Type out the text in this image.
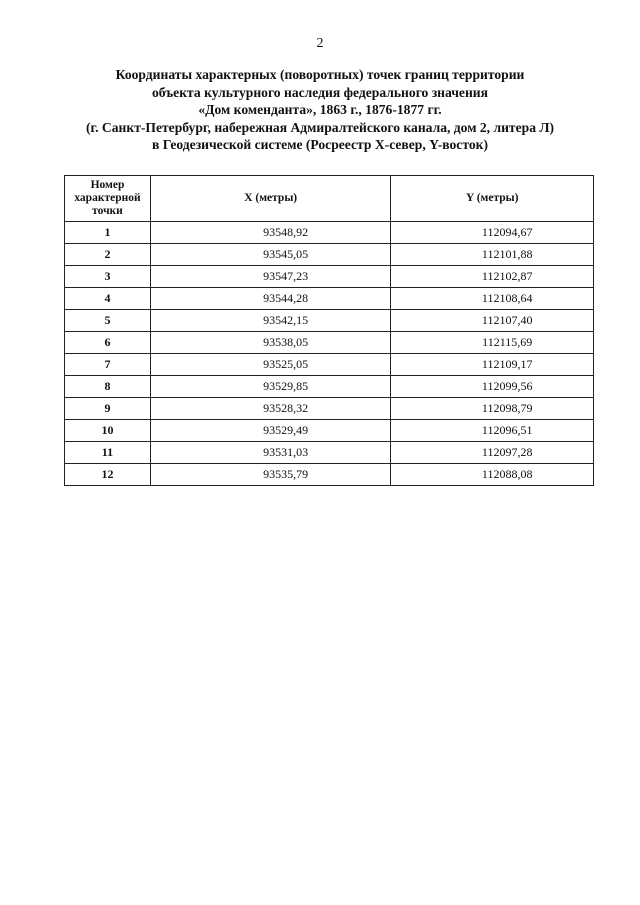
2
Координаты характерных (поворотных) точек границ территории
объекта культурного наследия федерального значения
«Дом коменданта», 1863 г., 1876-1877 гг.
(г. Санкт-Петербург, набережная Адмиралтейского канала, дом 2, литера Л)
в Геодезической системе (Росреестр X-север, Y-восток)
Номер
характерной
точки	X (метры)	Y (метры)
1	93548,92	112094,67
2	93545,05	112101,88
3	93547,23	112102,87
4	93544,28	112108,64
5	93542,15	112107,40
6	93538,05	112115,69
7	93525,05	112109,17
8	93529,85	112099,56
9	93528,32	112098,79
10	93529,49	112096,51
11	93531,03	112097,28
12	93535,79	112088,08
